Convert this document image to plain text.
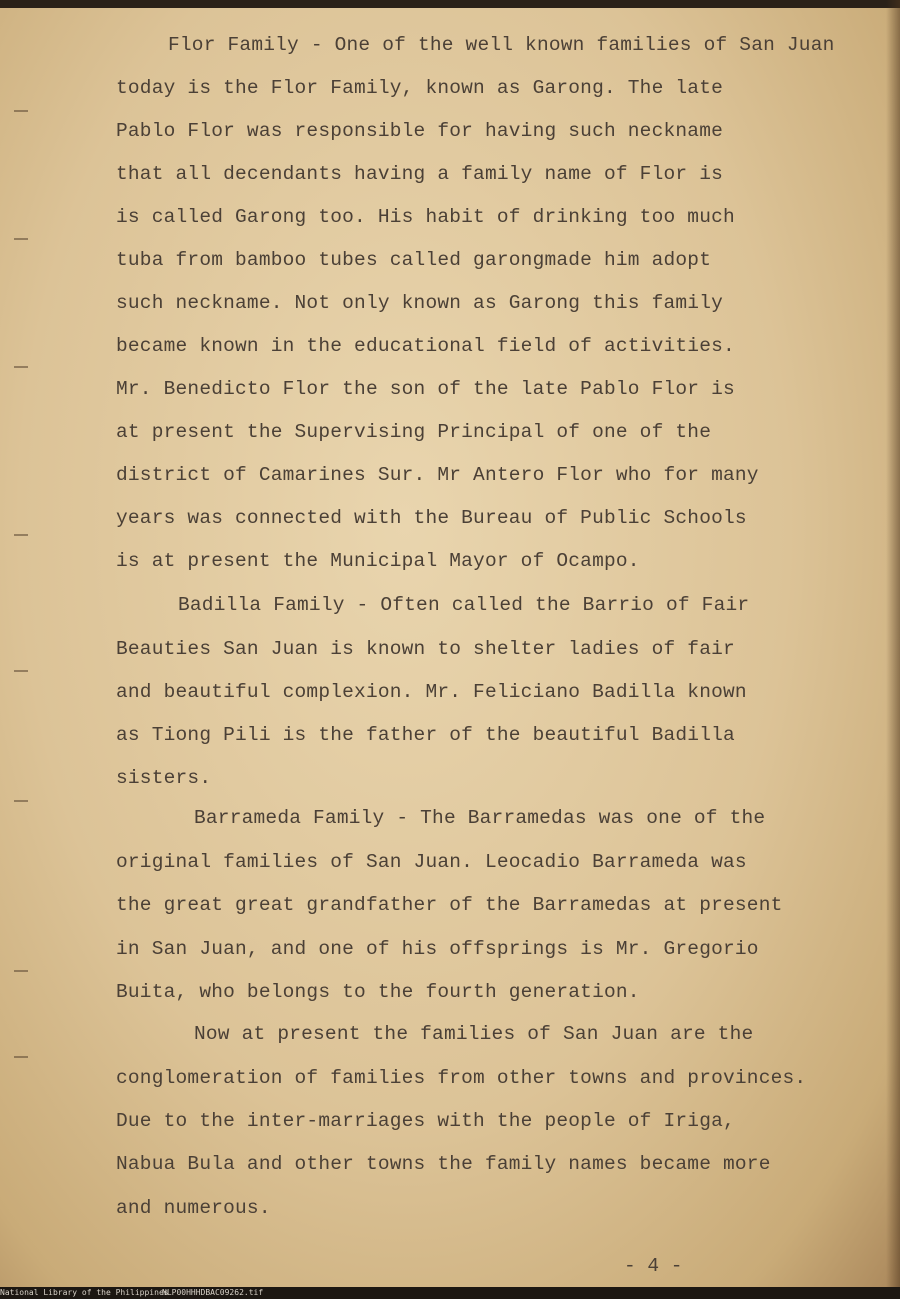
Flor Family - One of the well known families of San Juan
today is the Flor Family, known as Garong. The late
Pablo Flor was responsible for having such neckname
that all decendants having a family name of Flor is
is called Garong too. His habit of drinking too much
tuba from bamboo tubes called garongmade him adopt
such neckname. Not only known as Garong this family
became known in the educational field of activities.
Mr. Benedicto Flor the son of the late Pablo Flor is
at present the Supervising Principal of one of the
district of Camarines Sur. Mr Antero Flor who for many
years was connected with the Bureau of Public Schools
is at present the Municipal Mayor of Ocampo.
Badilla Family - Often called the Barrio of Fair
Beauties San Juan is known to shelter ladies of fair
and beautiful complexion. Mr. Feliciano Badilla known
as Tiong Pili is the father of the beautiful Badilla
sisters.
Barrameda Family - The Barramedas was one of the
original families of San Juan. Leocadio Barrameda was
the great great grandfather of the Barramedas at present
in San Juan, and one of his offsprings is Mr. Gregorio
Buita, who belongs to the fourth generation.
Now at present the families of San Juan are the
conglomeration of families from other towns and provinces.
Due to the inter-marriages with the people of Iriga,
Nabua Bula and other towns the family names became more
and numerous.
- 4 -
National Library of the Philippines
NLP00HHHDBAC09262.tif
